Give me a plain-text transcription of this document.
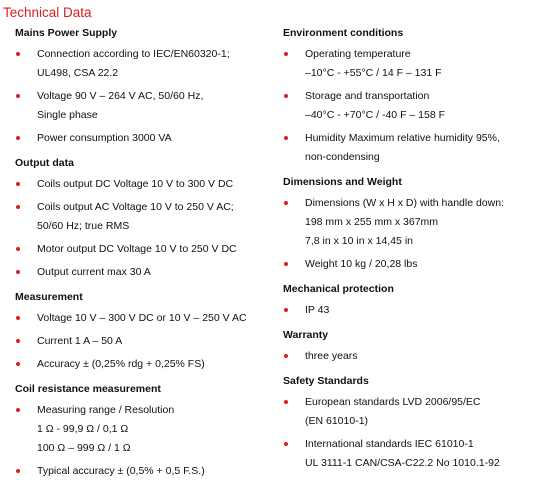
Technical Data
Mains Power Supply
Connection according to IEC/EN60320-1;
UL498, CSA 22.2
Voltage 90 V – 264 V AC, 50/60 Hz,
Single phase
Power consumption 3000 VA
Output data
Coils output DC Voltage 10 V to 300 V DC
Coils output AC Voltage 10 V to 250 V AC;
50/60 Hz; true RMS
Motor output DC Voltage 10 V to 250 V DC
Output current max 30 A
Measurement
Voltage 10 V – 300 V DC or 10 V – 250 V AC
Current 1 A – 50 A
Accuracy ± (0,25% rdg + 0,25% FS)
Coil resistance measurement
Measuring range / Resolution
1 Ω - 99,9 Ω / 0,1 Ω
100 Ω – 999 Ω / 1 Ω
Typical accuracy ± (0,5% + 0,5 F.S.)
Environment conditions
Operating temperature
–10°C - +55°C / 14 F – 131 F
Storage and transportation
–40°C - +70°C / -40 F – 158 F
Humidity Maximum relative humidity 95%,
non-condensing
Dimensions and Weight
Dimensions (W x H x D) with handle down:
198 mm x 255 mm x 367mm
7,8 in x 10 in x 14,45 in
Weight 10 kg / 20,28 lbs
Mechanical protection
IP 43
Warranty
three years
Safety Standards
European standards LVD 2006/95/EC
(EN 61010-1)
International standards IEC 61010-1
UL 3111-1 CAN/CSA-C22.2 No 1010.1-92
